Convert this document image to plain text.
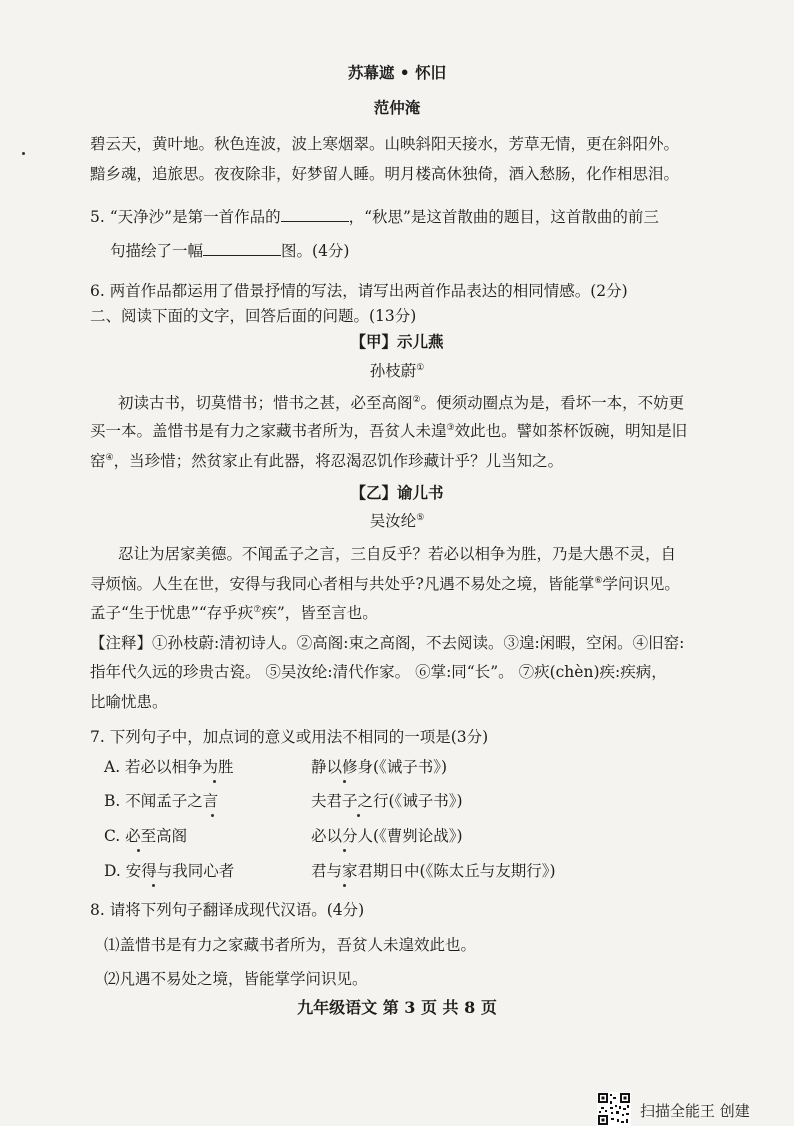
苏幕遮 • 怀旧
范仲淹
碧云天，黄叶地。秋色连波，波上寒烟翠。山映斜阳天接水，芳草无情，更在斜阳外。
黯乡魂，追旅思。夜夜除非，好梦留人睡。明月楼高休独倚，酒入愁肠，化作相思泪。
5. “天净沙”是第一首作品的	，“秋思”是这首散曲的题目，这首散曲的前三
句描绘了一幅	图。(4分)
6. 两首作品都运用了借景抒情的写法，请写出两首作品表达的相同情感。(2分)
二、阅读下面的文字，回答后面的问题。(13分)
【甲】示儿燕
孙枝蔚①
初读古书，切莫惜书；惜书之甚，必至高阁②。便须动圈点为是，看坏一本，不妨更
买一本。盖惜书是有力之家藏书者所为，吾贫人未遑③效此也。譬如茶杯饭碗，明知是旧
窑④，当珍惜；然贫家止有此器，将忍渴忍饥作珍藏计乎？儿当知之。
【乙】谕儿书
吴汝纶⑤
忍让为居家美德。不闻孟子之言，三自反乎？若必以相争为胜，乃是大愚不灵，自
寻烦恼。人生在世，安得与我同心者相与共处乎?凡遇不易处之境，皆能掌⑥学问识见。
孟子“生于忧患”“存乎疢⑦疾”，皆至言也。
【注释】①孙枝蔚:清初诗人。②高阁:束之高阁，不去阅读。③遑:闲暇，空闲。④旧窑:
指年代久远的珍贵古瓷。 ⑤吴汝纶:清代作家。 ⑥掌:同“长”。 ⑦疢(chèn)疾:疾病，
比喻忧患。
7. 下列句子中，加点词的意义或用法不相同的一项是(3分)
A. 若必以相争为胜	静以修身(《诫子书》)
B. 不闻孟子之言	夫君子之行(《诫子书》)
C. 必至高阁	必以分人(《曹刿论战》)
D. 安得与我同心者	君与家君期日中(《陈太丘与友期行》)
8. 请将下列句子翻译成现代汉语。(4分)
⑴盖惜书是有力之家藏书者所为，吾贫人未遑效此也。
⑵凡遇不易处之境，皆能掌学问识见。
九年级语文 第 3 页 共 8 页
扫描全能王 创建
